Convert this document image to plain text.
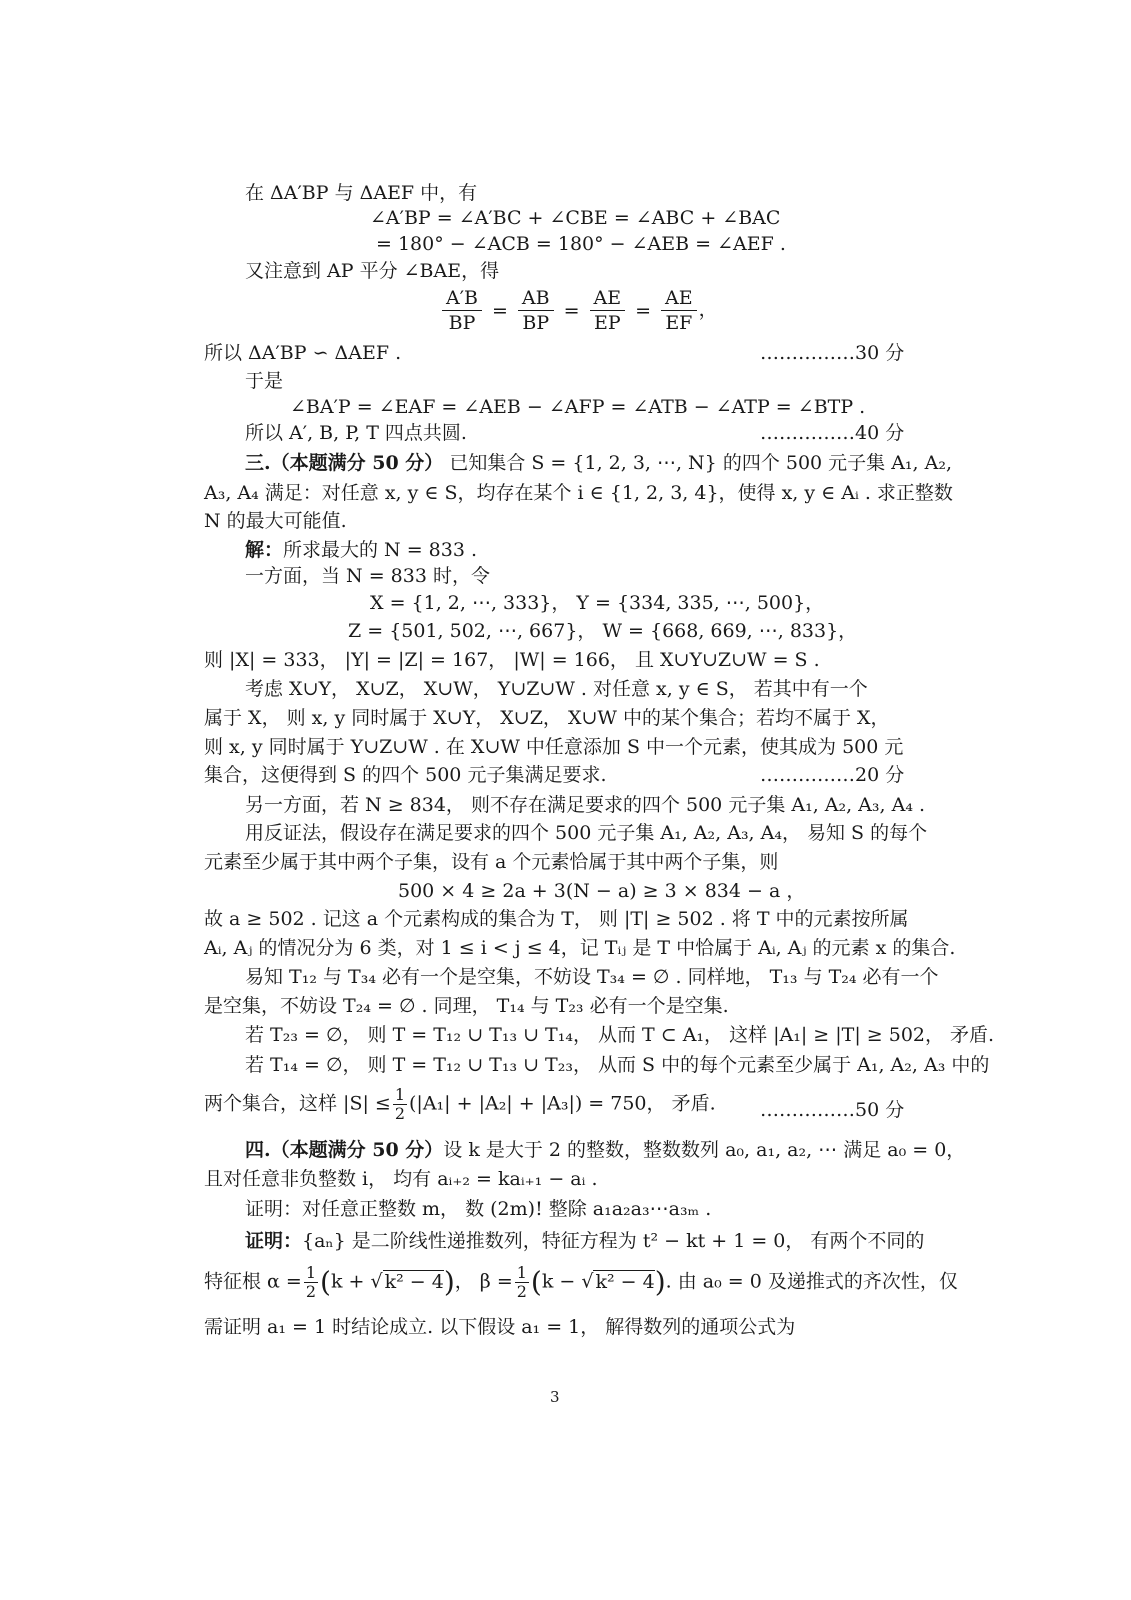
在 ΔA′BP 与 ΔAEF 中，有
∠A′BP = ∠A′BC + ∠CBE = ∠ABC + ∠BAC
= 180° − ∠ACB = 180° − ∠AEB = ∠AEF .
又注意到 AP 平分 ∠BAE，得
$\frac{A'B}{BP} = \frac{AB}{BP} = \frac{AE}{EP} = \frac{AE}{EF}$ ，
所以 ΔA′BP ∽ ΔAEF .	……………30 分
于是
∠BA′P = ∠EAF = ∠AEB − ∠AFP = ∠ATB − ∠ATP = ∠BTP .
所以 A′, B, P, T 四点共圆.	……………40 分
三.（本题满分 50 分） 已知集合 S = {1, 2, 3, ⋯, N} 的四个 500 元子集 A₁, A₂,
A₃, A₄ 满足：对任意 x, y ∈ S，均存在某个 i ∈ {1, 2, 3, 4}，使得 x, y ∈ Aᵢ . 求正整数
N 的最大可能值.
解：所求最大的 N = 833 .
一方面，当 N = 833 时，令
X = {1, 2, ⋯, 333}， Y = {334, 335, ⋯, 500}，
Z = {501, 502, ⋯, 667}， W = {668, 669, ⋯, 833}，
则 |X| = 333， |Y| = |Z| = 167， |W| = 166， 且 X∪Y∪Z∪W = S .
考虑 X∪Y， X∪Z， X∪W， Y∪Z∪W . 对任意 x, y ∈ S， 若其中有一个
属于 X， 则 x, y 同时属于 X∪Y， X∪Z， X∪W 中的某个集合；若均不属于 X，
则 x, y 同时属于 Y∪Z∪W . 在 X∪W 中任意添加 S 中一个元素，使其成为 500 元
集合，这便得到 S 的四个 500 元子集满足要求.	……………20 分
另一方面，若 N ≥ 834， 则不存在满足要求的四个 500 元子集 A₁, A₂, A₃, A₄ .
用反证法，假设存在满足要求的四个 500 元子集 A₁, A₂, A₃, A₄， 易知 S 的每个
元素至少属于其中两个子集，设有 a 个元素恰属于其中两个子集，则
500 × 4 ≥ 2a + 3(N − a) ≥ 3 × 834 − a ，
故 a ≥ 502 . 记这 a 个元素构成的集合为 T， 则 |T| ≥ 502 . 将 T 中的元素按所属
Aᵢ, Aⱼ 的情况分为 6 类，对 1 ≤ i < j ≤ 4，记 Tᵢⱼ 是 T 中恰属于 Aᵢ, Aⱼ 的元素 x 的集合.
易知 T₁₂ 与 T₃₄ 必有一个是空集，不妨设 T₃₄ = ∅ . 同样地， T₁₃ 与 T₂₄ 必有一个
是空集，不妨设 T₂₄ = ∅ . 同理， T₁₄ 与 T₂₃ 必有一个是空集.
若 T₂₃ = ∅， 则 T = T₁₂ ∪ T₁₃ ∪ T₁₄， 从而 T ⊂ A₁， 这样 |A₁| ≥ |T| ≥ 502， 矛盾.
若 T₁₄ = ∅， 则 T = T₁₂ ∪ T₁₃ ∪ T₂₃， 从而 S 中的每个元素至少属于 A₁, A₂, A₃ 中的
两个集合，这样 $|S| \le \frac{1}{2} (|A_1| + |A_2| + |A_3|) = 750$， 矛盾. ……………50 分
四.（本题满分 50 分）设 k 是大于 2 的整数，整数数列 a₀, a₁, a₂, ⋯ 满足 a₀ = 0，
且对任意非负整数 i， 均有 aᵢ₊₂ = kaᵢ₊₁ − aᵢ .
证明：对任意正整数 m， 数 (2m)! 整除 a₁a₂a₃⋯a₃ₘ .
证明：{aₙ} 是二阶线性递推数列，特征方程为 t² − kt + 1 = 0， 有两个不同的
特征根 $\alpha = \frac{1}{2} (k$ + √ k² − 4)， $\beta = \frac{1}{2} (k$ − √ k² − 4). 由 a₀ = 0 及递推式的齐次性，仅
需证明 a₁ = 1 时结论成立. 以下假设 a₁ = 1， 解得数列的通项公式为
3
